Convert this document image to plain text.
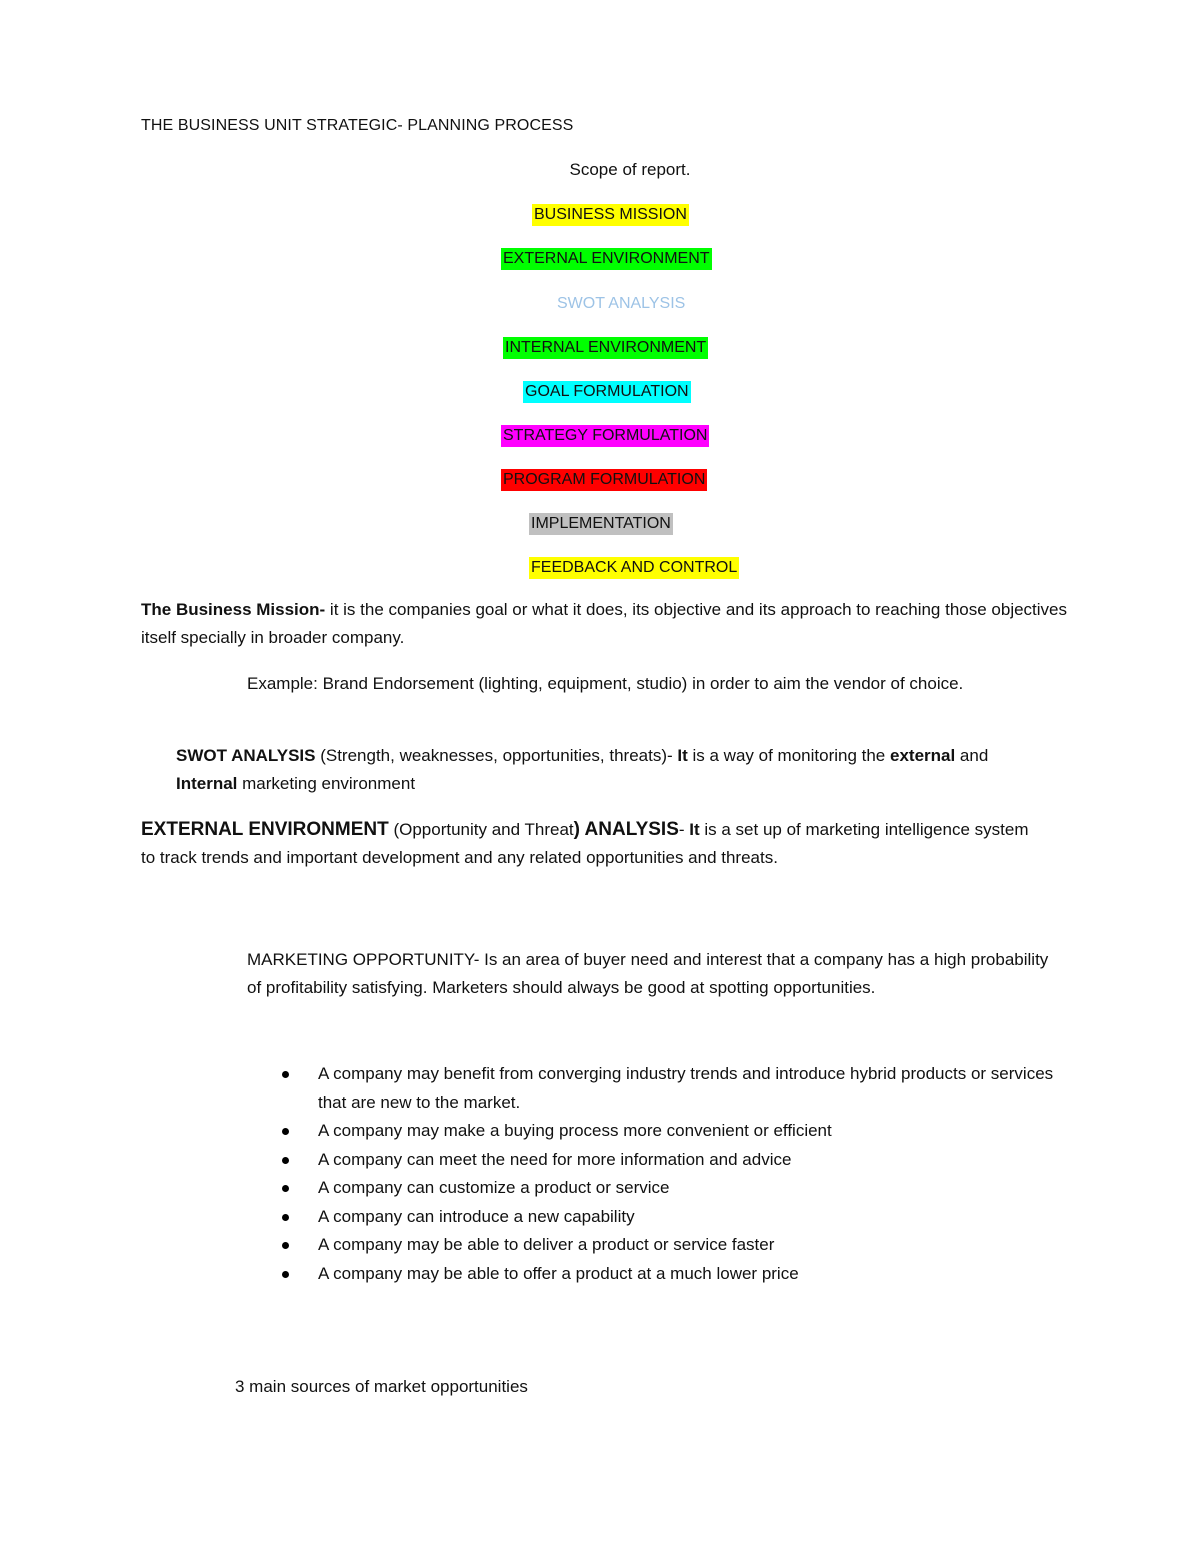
THE BUSINESS UNIT STRATEGIC- PLANNING PROCESS
Scope of report.
BUSINESS MISSION
EXTERNAL ENVIRONMENT
SWOT ANALYSIS
INTERNAL ENVIRONMENT
GOAL FORMULATION
STRATEGY FORMULATION
PROGRAM FORMULATION
IMPLEMENTATION
FEEDBACK AND CONTROL
The Business Mission- it is the companies goal or what it does, its objective and its approach to reaching those objectives itself specially in broader company.
Example: Brand Endorsement (lighting, equipment, studio) in order to aim the vendor of choice.
SWOT ANALYSIS (Strength, weaknesses, opportunities, threats)- It is a way of monitoring the external and Internal marketing environment
EXTERNAL ENVIRONMENT (Opportunity and Threat) ANALYSIS- It is a set up of marketing intelligence system to track trends and important development and any related opportunities and threats.
MARKETING OPPORTUNITY- Is an area of buyer need and interest that a company has a high probability of profitability satisfying. Marketers should always be good at spotting opportunities.
A company may benefit from converging industry trends and introduce hybrid products or services that are new to the market.
A company may make a buying process more convenient or efficient
A company can meet the need for more information and advice
A company can customize a product or service
A company can introduce a new capability
A company may be able to deliver a product or service faster
A company may be able to offer a product at a much lower price
3 main sources of market opportunities
